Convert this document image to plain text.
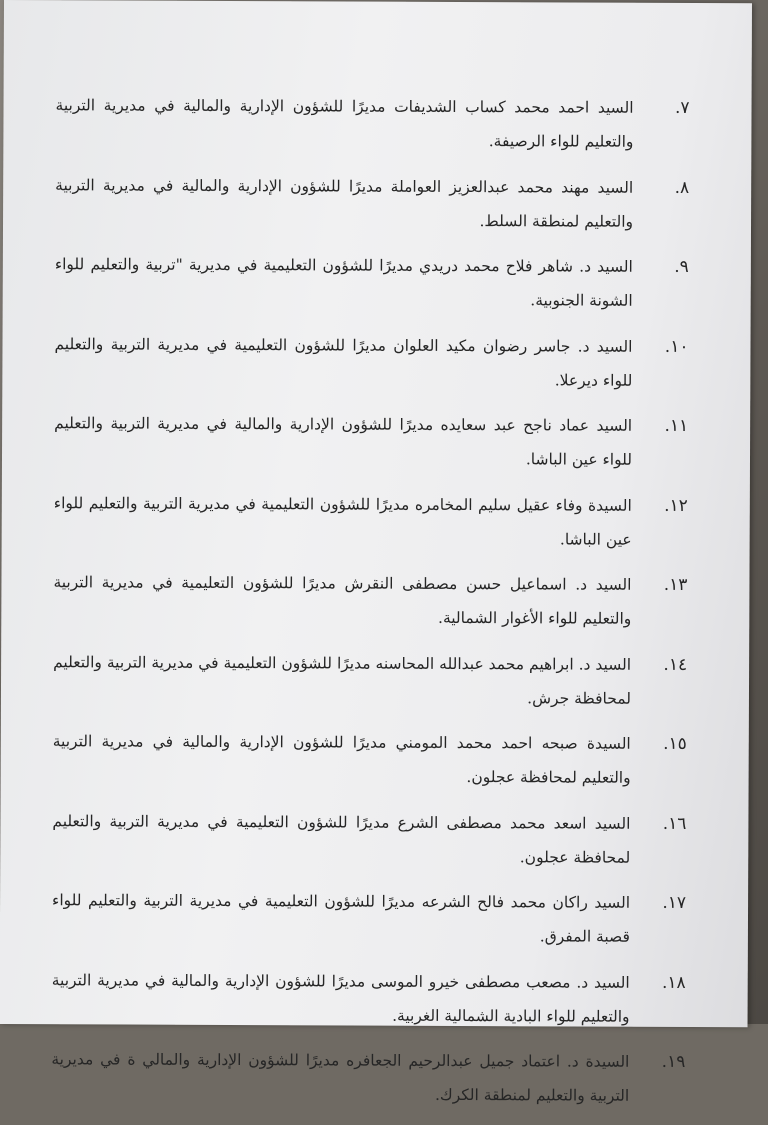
٧.
السيد احمد محمد كساب الشديفات مديرًا للشؤون الإدارية والمالية في مديرية التربية والتعليم للواء الرصيفة.
٨.
السيد مهند محمد عبدالعزيز العواملة مديرًا للشؤون الإدارية والمالية في مديرية التربية والتعليم لمنطقة السلط.
٩.
السيد د. شاهر فلاح محمد دريدي مديرًا للشؤون التعليمية في مديرية "تربية والتعليم للواء الشونة الجنوبية.
١٠.
السيد د. جاسر رضوان مكيد العلوان مديرًا للشؤون التعليمية في مديرية التربية والتعليم للواء ديرعلا.
١١.
السيد عماد ناجح عبد سعايده مديرًا للشؤون الإدارية والمالية في مديرية التربية والتعليم للواء عين الباشا.
١٢.
السيدة وفاء عقيل سليم المخامره مديرًا للشؤون التعليمية في مديرية التربية والتعليم للواء عين الباشا.
١٣.
السيد د. اسماعيل حسن مصطفى النقرش مديرًا للشؤون التعليمية في مديرية التربية والتعليم للواء الأغوار الشمالية.
١٤.
السيد د. ابراهيم محمد عبدالله المحاسنه مديرًا للشؤون التعليمية في مديرية التربية والتعليم لمحافظة جرش.
١٥.
السيدة صبحه احمد محمد المومني مديرًا للشؤون الإدارية والمالية في مديرية التربية والتعليم لمحافظة عجلون.
١٦.
السيد اسعد محمد مصطفى الشرع مديرًا للشؤون التعليمية في مديرية التربية والتعليم لمحافظة عجلون.
١٧.
السيد راكان محمد فالح الشرعه مديرًا للشؤون التعليمية في مديرية التربية والتعليم للواء قصبة المفرق.
١٨.
السيد د. مصعب مصطفى خيرو الموسى مديرًا للشؤون الإدارية والمالية في مديرية التربية والتعليم للواء البادية الشمالية الغربية.
١٩.
السيدة د. اعتماد جميل عبدالرحيم الجعافره مديرًا للشؤون الإدارية والمالي ة في مديرية التربية والتعليم لمنطقة الكرك.
